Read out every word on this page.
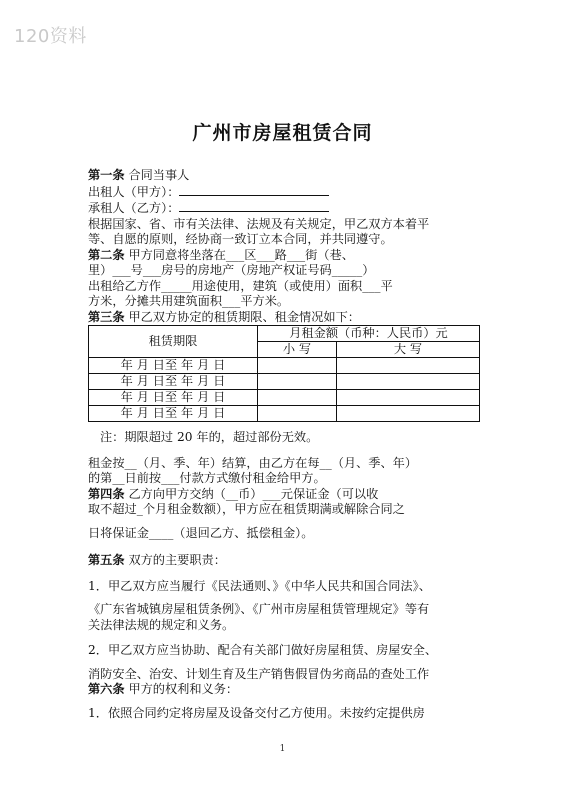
120资料
广州市房屋租赁合同
第一条 合同当事人
出租人（甲方）：
承租人（乙方）：
根据国家、省、市有关法律、法规及有关规定，甲乙双方本着平
等、自愿的原则，经协商一致订立本合同，并共同遵守。
第二条 甲方同意将坐落在___区___路___街（巷、
里）___号___房号的房地产（房地产权证号码_____）
出租给乙方作_____用途使用，建筑（或使用）面积___平
方米，分摊共用建筑面积___平方米。
第三条 甲乙双方协定的租赁期限、租金情况如下：
租赁期限	月租金额（币种：人民币）元	
	小 写	大 写
年 月 日至 年 月 日		
年 月 日至 年 月 日		
年 月 日至 年 月 日		
年 月 日至 年 月 日		
注：期限超过 20 年的，超过部份无效。
租金按__（月、季、年）结算，由乙方在每__（月、季、年）
的第__日前按___付款方式缴付租金给甲方。
第四条 乙方向甲方交纳（__币）___元保证金（可以收
取不超过_个月租金数额），甲方应在租赁期满或解除合同之
日将保证金____（退回乙方、抵偿租金）。
第五条 双方的主要职责：
1．甲乙双方应当履行《民法通则、》《中华人民共和国合同法》、
《广东省城镇房屋租赁条例》、《广州市房屋租赁管理规定》等有
关法律法规的规定和义务。
2．甲乙双方应当协助、配合有关部门做好房屋租赁、房屋安全、
消防安全、治安、计划生育及生产销售假冒伪劣商品的查处工作
第六条 甲方的权利和义务：
1．依照合同约定将房屋及设备交付乙方使用。未按约定提供房
1
